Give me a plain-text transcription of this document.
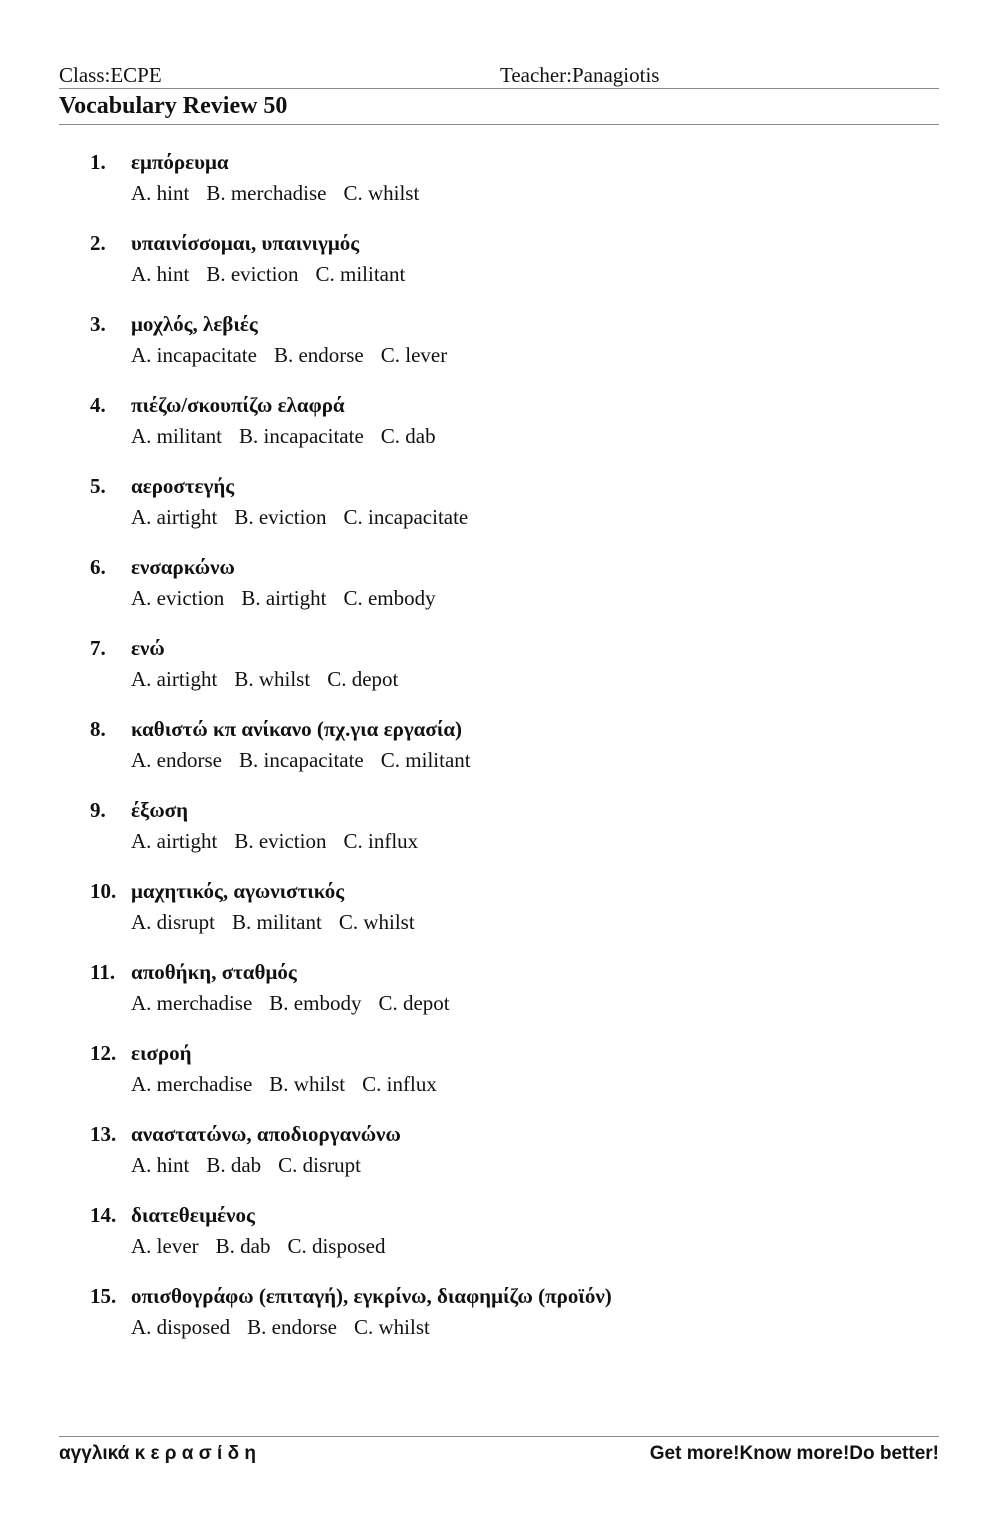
Class:ECPE	Teacher:Panagiotis
Vocabulary Review 50
1. εμπόρευμα
A. hint B. merchadise C. whilst
2. υπαινίσσομαι, υπαινιγμός
A. hint B. eviction C. militant
3. μοχλός, λεβιές
A. incapacitate B. endorse C. lever
4. πιέζω/σκουπίζω ελαφρά
A. militant B. incapacitate C. dab
5. αεροστεγής
A. airtight B. eviction C. incapacitate
6. ενσαρκώνω
A. eviction B. airtight C. embody
7. ενώ
A. airtight B. whilst C. depot
8. καθιστώ κπ ανίκανο (πχ.για εργασία)
A. endorse B. incapacitate C. militant
9. έξωση
A. airtight B. eviction C. influx
10. μαχητικός, αγωνιστικός
A. disrupt B. militant C. whilst
11. αποθήκη, σταθμός
A. merchadise B. embody C. depot
12. εισροή
A. merchadise B. whilst C. influx
13. αναστατώνω, αποδιοργανώνω
A. hint B. dab C. disrupt
14. διατεθειμένος
A. lever B. dab C. disposed
15. οπισθογράφω (επιταγή), εγκρίνω, διαφημίζω (προϊόν)
A. disposed B. endorse C. whilst
αγγλικά κ ε ρ α σ ί δ η	Get more!Know more!Do better!
